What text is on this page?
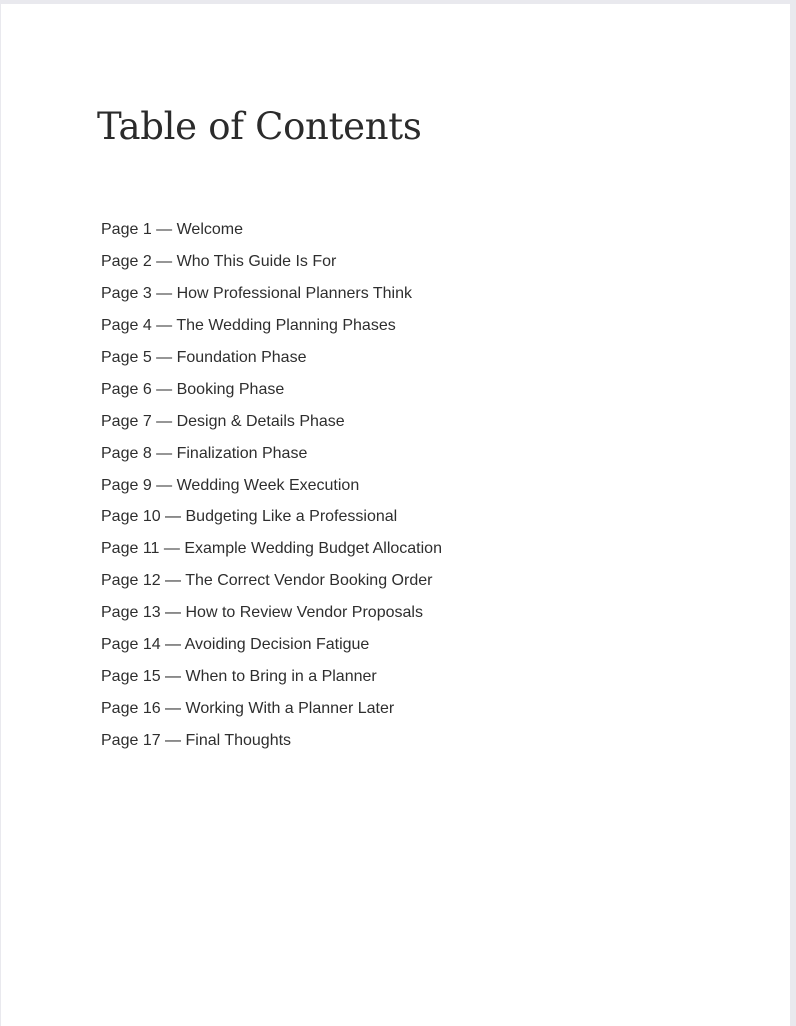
Table of Contents
Page 1 — Welcome
Page 2 — Who This Guide Is For
Page 3 — How Professional Planners Think
Page 4 — The Wedding Planning Phases
Page 5 — Foundation Phase
Page 6 — Booking Phase
Page 7 — Design & Details Phase
Page 8 — Finalization Phase
Page 9 — Wedding Week Execution
Page 10 — Budgeting Like a Professional
Page 11 — Example Wedding Budget Allocation
Page 12 — The Correct Vendor Booking Order
Page 13 — How to Review Vendor Proposals
Page 14 — Avoiding Decision Fatigue
Page 15 — When to Bring in a Planner
Page 16 — Working With a Planner Later
Page 17 — Final Thoughts
